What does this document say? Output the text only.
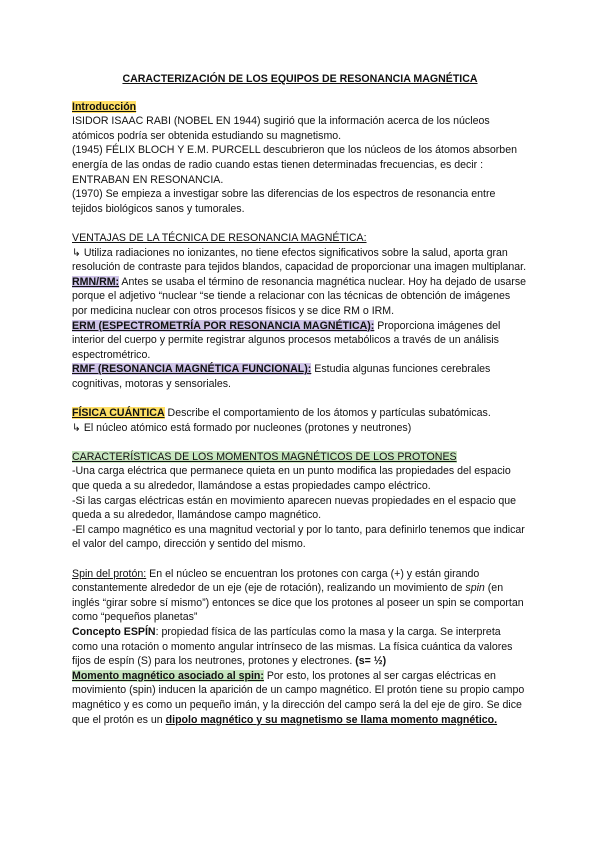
CARACTERIZACIÓN DE LOS EQUIPOS DE RESONANCIA MAGNÉTICA

Introducción

ISIDOR ISAAC RABI (NOBEL EN 1944) sugirió que la información acerca de los núcleos atómicos podría ser obtenida estudiando su magnetismo.

(1945) FÉLIX BLOCH Y E.M. PURCELL descubrieron que los núcleos de los átomos absorben energía de las ondas de radio cuando estas tienen determinadas frecuencias, es decir : ENTRABAN EN RESONANCIA.

(1970) Se empieza a investigar sobre las diferencias de los espectros de resonancia entre tejidos biológicos sanos y tumorales.

VENTAJAS DE LA TÉCNICA DE RESONANCIA MAGNÉTICA:

↳ Utiliza radiaciones no ionizantes, no tiene efectos significativos sobre la salud, aporta gran resolución de contraste para tejidos blandos, capacidad de proporcionar una imagen multiplanar.

RMN/RM: Antes se usaba el término de resonancia magnética nuclear. Hoy ha dejado de usarse porque el adjetivo “nuclear “se tiende a relacionar con las técnicas de obtención de imágenes por medicina nuclear con otros procesos físicos y se dice RM o IRM.

ERM (ESPECTROMETRÍA POR RESONANCIA MAGNÉTICA): Proporciona imágenes del interior del cuerpo y permite registrar algunos procesos metabólicos a través de un análisis espectrométrico.

RMF (RESONANCIA MAGNÉTICA FUNCIONAL): Estudia algunas funciones cerebrales cognitivas, motoras y sensoriales.

FÍSICA CUÁNTICA Describe el comportamiento de los átomos y partículas subatómicas.

↳ El núcleo atómico está formado por nucleones (protones y neutrones)

CARACTERÍSTICAS DE LOS MOMENTOS MAGNÉTICOS DE LOS PROTONES

-Una carga eléctrica que permanece quieta en un punto modifica las propiedades del espacio que queda a su alrededor, llamándose a estas propiedades campo eléctrico.

-Si las cargas eléctricas están en movimiento aparecen nuevas propiedades en el espacio que queda a su alrededor, llamándose campo magnético.

-El campo magnético es una magnitud vectorial y por lo tanto, para definirlo tenemos que indicar el valor del campo, dirección y sentido del mismo.

Spin del protón: En el núcleo se encuentran los protones con carga (+) y están girando constantemente alrededor de un eje (eje de rotación), realizando un movimiento de spin (en inglés “girar sobre sí mismo”) entonces se dice que los protones al poseer un spin se comportan como “pequeños planetas”

Concepto ESPÍN: propiedad física de las partículas como la masa y la carga. Se interpreta como una rotación o momento angular intrínseco de las mismas. La física cuántica da valores fijos de espín (S) para los neutrones, protones y electrones. (s= ½)

Momento magnético asociado al spin: Por esto, los protones al ser cargas eléctricas en movimiento (spin) inducen la aparición de un campo magnético. El protón tiene su propio campo magnético y es como un pequeño imán, y la dirección del campo será la del eje de giro. Se dice que el protón es un dipolo magnético y su magnetismo se llama momento magnético.
